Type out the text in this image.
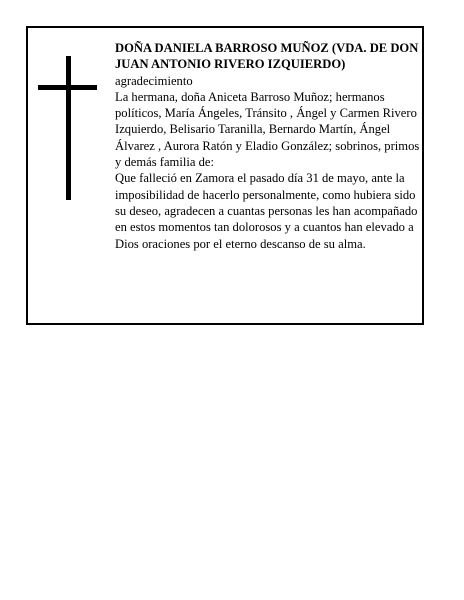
DOÑA DANIELA BARROSO MUÑOZ (VDA. DE DON JUAN ANTONIO RIVERO IZQUIERDO)

agradecimiento

La hermana, doña Aniceta Barroso Muñoz; hermanos políticos, María Ángeles, Tránsito , Ángel y Carmen Rivero Izquierdo, Belisario Taranilla, Bernardo Martín, Ángel Álvarez , Aurora Ratón y Eladio González; sobrinos, primos y demás familia de:

Que falleció en Zamora el pasado día 31 de mayo, ante la imposibilidad de hacerlo personalmente, como hubiera sido su deseo, agradecen a cuantas personas les han acompañado en estos momentos tan dolorosos y a cuantos han elevado a Dios oraciones por el eterno descanso de su alma.
